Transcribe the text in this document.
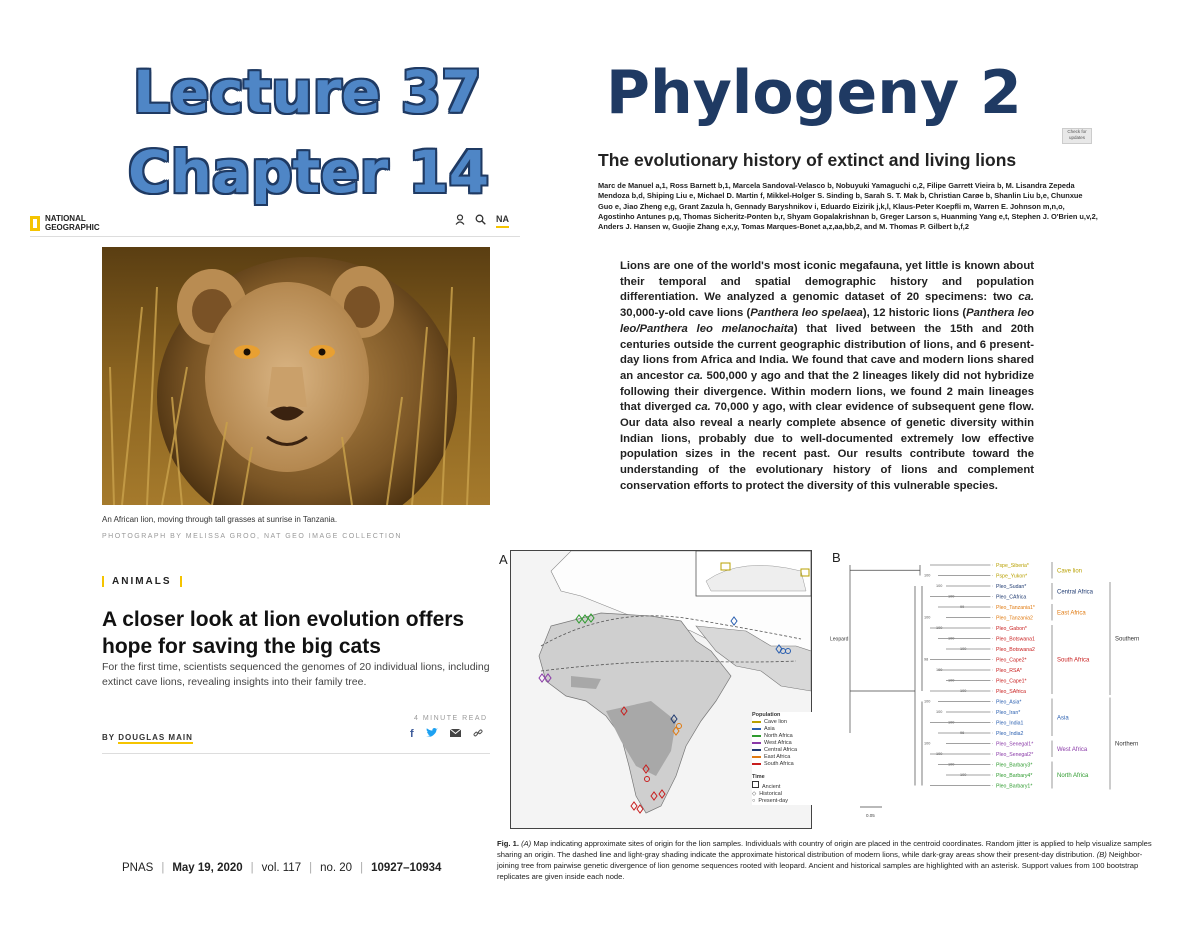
Lecture 37
Chapter 14
Phylogeny 2
NATIONAL
GEOGRAPHIC
NA
An African lion, moving through tall grasses at sunrise in Tanzania.
PHOTOGRAPH BY MELISSA GROO, NAT GEO IMAGE COLLECTION
ANIMALS
A closer look at lion evolution offers hope for saving the big cats
For the first time, scientists sequenced the genomes of 20 individual lions, including extinct cave lions, revealing insights into their family tree.
4 MINUTE READ
BY DOUGLAS MAIN	f
PNAS | May 19, 2020 | vol. 117 | no. 20 | 10927–10934
Check for updates
The evolutionary history of extinct and living lions
Marc de Manuel a,1, Ross Barnett b,1, Marcela Sandoval-Velasco b, Nobuyuki Yamaguchi c,2, Filipe Garrett Vieira b, M. Lisandra Zepeda Mendoza b,d, Shiping Liu e, Michael D. Martin f, Mikkel-Holger S. Sinding b, Sarah S. T. Mak b, Christian Carøe b, Shanlin Liu b,e, Chunxue Guo e, Jiao Zheng e,g, Grant Zazula h, Gennady Baryshnikov i, Eduardo Eizirik j,k,l, Klaus-Peter Koepfli m, Warren E. Johnson m,n,o, Agostinho Antunes p,q, Thomas Sicheritz-Ponten b,r, Shyam Gopalakrishnan b, Greger Larson s, Huanming Yang e,t, Stephen J. O'Brien u,v,2, Anders J. Hansen w, Guojie Zhang e,x,y, Tomas Marques-Bonet a,z,aa,bb,2, and M. Thomas P. Gilbert b,f,2
Lions are one of the world's most iconic megafauna, yet little is known about their temporal and spatial demographic history and population differentiation. We analyzed a genomic dataset of 20 specimens: two ca. 30,000-y-old cave lions (Panthera leo spelaea), 12 historic lions (Panthera leo leo/Panthera leo melanochaita) that lived between the 15th and 20th centuries outside the current geographic distribution of lions, and 6 present-day lions from Africa and India. We found that cave and modern lions shared an ancestor ca. 500,000 y ago and that the 2 lineages likely did not hybridize following their divergence. Within modern lions, we found 2 main lineages that diverged ca. 70,000 y ago, with clear evidence of subsequent gene flow. Our data also reveal a nearly complete absence of genetic diversity within Indian lions, probably due to well-documented extremely low effective population sizes in the recent past. Our results contribute toward the understanding of the evolutionary history of lions and complement conservation efforts to protect the diversity of this vulnerable species.
A
Population
Cave lion
Asia
North Africa
West Africa
Central Africa
East Africa
South Africa
Time
Ancient
◇ Historical
○ Present-day
B
Pspe_Siberia*
Pspe_Yukon*
Pleo_Sudan*
Pleo_CAfrica
Pleo_Tanzania1*
Pleo_Tanzania2
Pleo_Gabon*
Pleo_Botswana1
Pleo_Botswana2
Pleo_Cape2*
Pleo_RSA*
Pleo_Cape1*
Pleo_SAfrica
Pleo_Asia*
Pleo_Iran*
Pleo_India1
Pleo_India2
Pleo_Senegal1*
Pleo_Senegal2*
Pleo_Barbary3*
Pleo_Barbary4*
Pleo_Barbary1*
Cave lion
Central Africa
East Africa
South Africa
Asia
West Africa
North Africa
Southern
Northern
Leopard
100
100
100
99
100
100
100
100
98
100
100
100
100
100
100
96
100
100
100
100
0.05
Fig. 1. (A) Map indicating approximate sites of origin for the lion samples. Individuals with country of origin are placed in the centroid coordinates. Random jitter is applied to help visualize samples sharing an origin. The dashed line and light-gray shading indicate the approximate historical distribution of modern lions, while dark-gray areas show their present-day distribution. (B) Neighbor-joining tree from pairwise genetic divergence of lion genome sequences rooted with leopard. Ancient and historical samples are highlighted with an asterisk. Support values from 100 bootstrap replicates are given inside each node.
